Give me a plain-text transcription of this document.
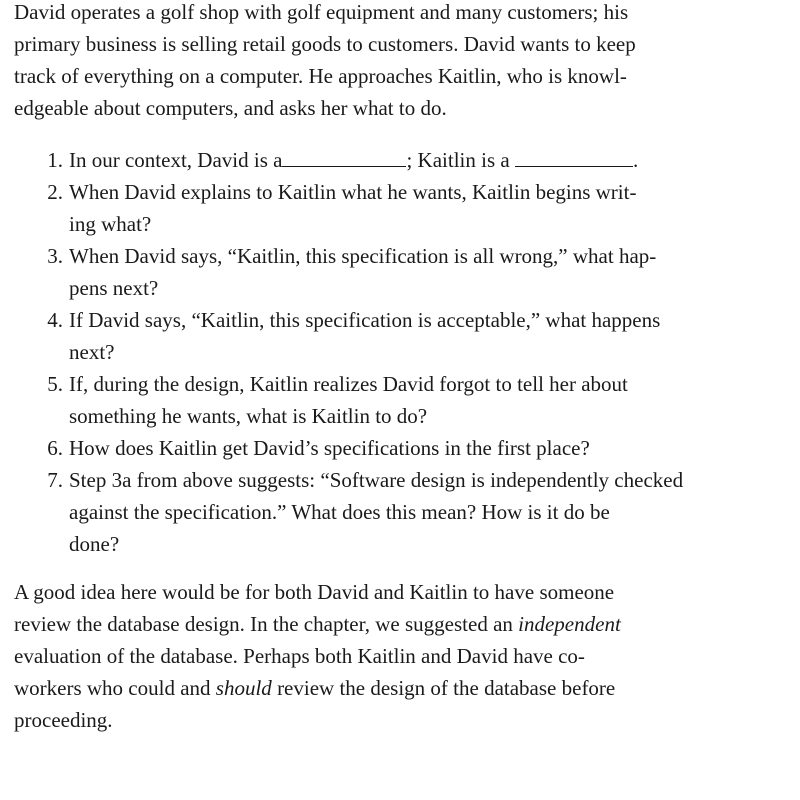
David operates a golf shop with golf equipment and many customers; his
primary business is selling retail goods to customers. David wants to keep
track of everything on a computer. He approaches Kaitlin, who is knowl-
edgeable about computers, and asks her what to do.

1. In our context, David is a	; Kaitlin is a	.
2. When David explains to Kaitlin what he wants, Kaitlin begins writ-
ing what?
3. When David says, “Kaitlin, this specification is all wrong,” what hap-
pens next?
4. If David says, “Kaitlin, this specification is acceptable,” what happens
next?
5. If, during the design, Kaitlin realizes David forgot to tell her about
something he wants, what is Kaitlin to do?
6. How does Kaitlin get David’s specifications in the first place?
7. Step 3a from above suggests: “Software design is independently checked
against the specification.” What does this mean? How is it do be
done?

A good idea here would be for both David and Kaitlin to have someone
review the database design. In the chapter, we suggested an independent
evaluation of the database. Perhaps both Kaitlin and David have co-
workers who could and should review the design of the database before
proceeding.
